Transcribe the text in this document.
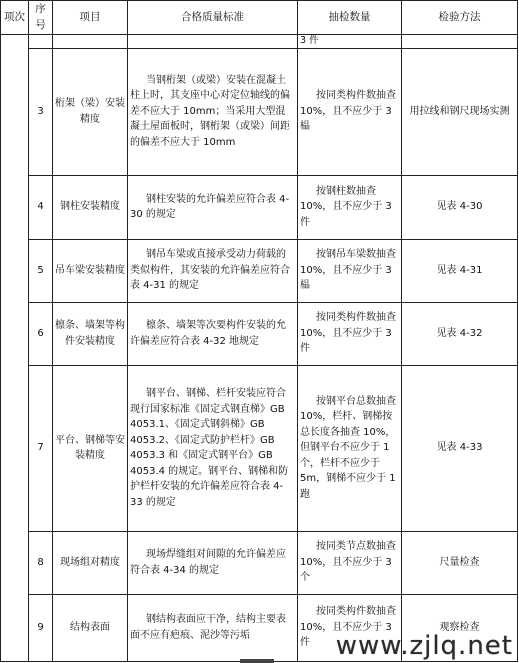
项次	序号	项目	合格质量标准	抽检数量	检验方法
				3 件	
	3	桁架（梁）安装精度	当钢桁架（或梁）安装在混凝土柱上时，其支座中心对定位轴线的偏差不应大于 10mm；当采用大型混凝土屋面板时，钢桁架（或梁）间距的偏差不应大于 10mm	按同类构件数抽查 10%，且不应少于 3 榀	用拉线和钢尺现场实测
	4	钢柱安装精度	钢柱安装的允许偏差应符合表 4-30 的规定	按钢柱数抽查 10%，且不应少于 3 件	见表 4-30
	5	吊车梁安装精度	钢吊车梁或直接承受动力荷载的类似构件，其安装的允许偏差应符合表 4-31 的规定	按钢吊车梁数抽查 10%，且不应少于 3 榀	见表 4-31
	6	檩条、墙架等构件安装精度	檩条、墙架等次要构件安装的允许偏差应符合表 4-32 地规定	按同类构件数抽查 10%，且不应少于 3 件	见表 4-32
	7	平台、钢梯等安装精度	钢平台、钢梯、栏杆安装应符合现行国家标准《固定式钢直梯》GB 4053.1、《固定式钢斜梯》GB 4053.2、《固定式防护栏杆》GB 4053.3 和《固定式钢平台》GB 4053.4 的规定。钢平台、钢梯和防护栏杆安装的允许偏差应符合表 4-33 的规定	按钢平台总数抽查 10%，栏杆、钢梯按总长度各抽查 10%，但钢平台不应少于 1 个，栏杆不应少于 5m，钢梯不应少于 1 跑	见表 4-33
	8	现场组对精度	现场焊缝组对间隙的允许偏差应符合表 4-34 的规定	按同类节点数抽查 10%，且不应少于 3 个	尺量检查
	9	结构表面	钢结构表面应干净，结构主要表面不应有疤痕、泥沙等污垢	按同类构件数抽查 10%，且不应少于 3 件	观察检查
www.zjlq.net
